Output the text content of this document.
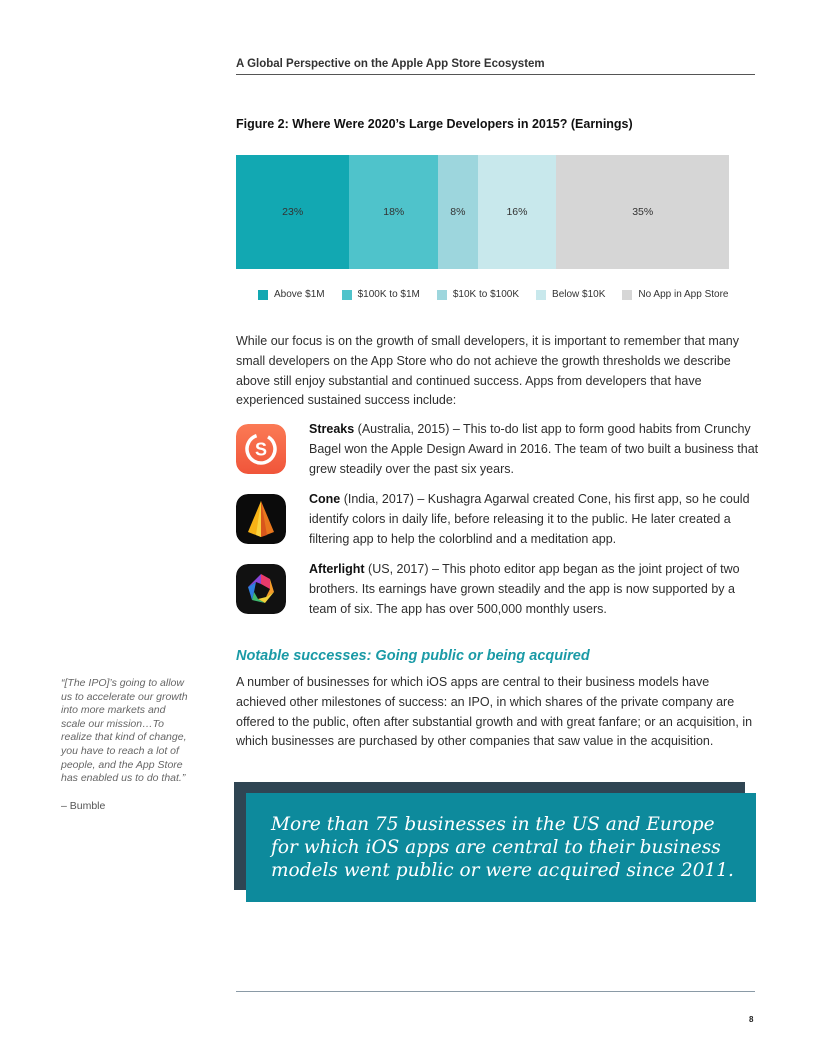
A Global Perspective on the Apple App Store Ecosystem
Figure 2: Where Were 2020’s Large Developers in 2015? (Earnings)
23%	18%	8%	16%	35%
Above $1M	$100K to $1M	$10K to $100K	Below $10K	No App in App Store
While our focus is on the growth of small developers, it is important to remember that many small developers on the App Store who do not achieve the growth thresholds we describe above still enjoy substantial and continued success. Apps from developers that have experienced sustained success include:
S
Streaks (Australia, 2015) – This to-do list app to form good habits from Crunchy Bagel won the Apple Design Award in 2016. The team of two built a business that grew steadily over the past six years.
Cone (India, 2017) – Kushagra Agarwal created Cone, his first app, so he could identify colors in daily life, before releasing it to the public. He later created a filtering app to help the colorblind and a meditation app.
Afterlight (US, 2017) – This photo editor app began as the joint project of two brothers. Its earnings have grown steadily and the app is now supported by a team of six. The app has over 500,000 monthly users.
Notable successes: Going public or being acquired
A number of businesses for which iOS apps are central to their business models have achieved other milestones of success: an IPO, in which shares of the private company are offered to the public, often after substantial growth and with great fanfare; or an acquisition, in which businesses are purchased by other companies that saw value in the acquisition.
“[The IPO]’s going to allow us to accelerate our growth into more markets and scale our mission…To realize that kind of change, you have to reach a lot of people, and the App Store has enabled us to do that.”
– Bumble
More than 75 businesses in the US and Europe for which iOS apps are central to their business models went public or were acquired since 2011.
8
